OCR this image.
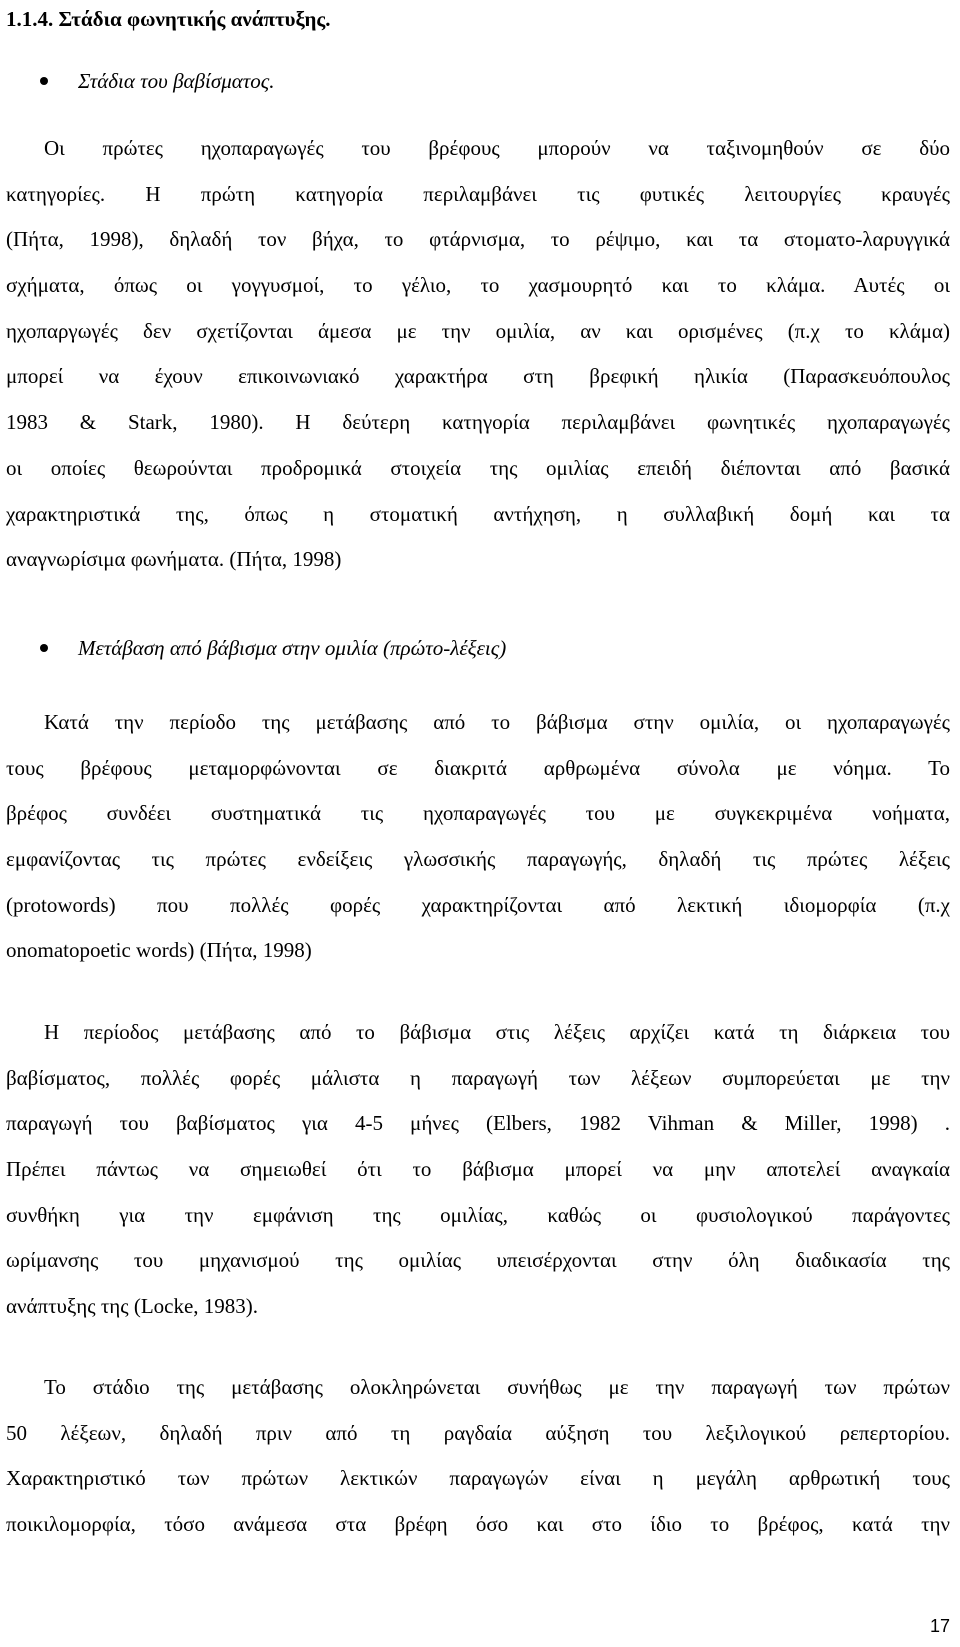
1.1.4. Στάδια φωνητικής ανάπτυξης.
Στάδια του βαβίσματος.
Οι πρώτες ηχοπαραγωγές του βρέφους μπορούν να ταξινομηθούν σε δύο
κατηγορίες. Η πρώτη κατηγορία περιλαμβάνει τις φυτικές λειτουργίες κραυγές
(Πήτα, 1998), δηλαδή τον βήχα, το φτάρνισμα, το ρέψιμο, και τα στοματο-λαρυγγικά
σχήματα, όπως οι γογγυσμοί, το γέλιο, το χασμουρητό και το κλάμα. Αυτές οι
ηχοπαργωγές δεν σχετίζονται άμεσα με την ομιλία, αν και ορισμένες (π.χ το κλάμα)
μπορεί να έχουν επικοινωνιακό χαρακτήρα στη βρεφική ηλικία (Παρασκευόπουλος
1983 & Stark, 1980). Η δεύτερη κατηγορία περιλαμβάνει φωνητικές ηχοπαραγωγές
οι οποίες θεωρούνται προδρομικά στοιχεία της ομιλίας επειδή διέπονται από βασικά
χαρακτηριστικά της, όπως η στοματική αντήχηση, η συλλαβική δομή και τα
αναγνωρίσιμα φωνήματα. (Πήτα, 1998)
Μετάβαση από βάβισμα στην ομιλία (πρώτο-λέξεις)
Κατά την περίοδο της μετάβασης από το βάβισμα στην ομιλία, οι ηχοπαραγωγές
τους βρέφους μεταμορφώνονται σε διακριτά αρθρωμένα σύνολα με νόημα. Το
βρέφος συνδέει συστηματικά τις ηχοπαραγωγές του με συγκεκριμένα νοήματα,
εμφανίζοντας τις πρώτες ενδείξεις γλωσσικής παραγωγής, δηλαδή τις πρώτες λέξεις
(protowords) που πολλές φορές χαρακτηρίζονται από λεκτική ιδιομορφία (π.χ
onomatopoetic words) (Πήτα, 1998)
Η περίοδος μετάβασης από το βάβισμα στις λέξεις αρχίζει κατά τη διάρκεια του
βαβίσματος, πολλές φορές μάλιστα η παραγωγή των λέξεων συμπορεύεται με την
παραγωγή του βαβίσματος για 4-5 μήνες (Elbers, 1982 Vihman & Miller, 1998) .
Πρέπει πάντως να σημειωθεί ότι το βάβισμα μπορεί να μην αποτελεί αναγκαία
συνθήκη για την εμφάνιση της ομιλίας, καθώς οι φυσιολογικού παράγοντες
ωρίμανσης του μηχανισμού της ομιλίας υπεισέρχονται στην όλη διαδικασία της
ανάπτυξης της (Locke, 1983).
Το στάδιο της μετάβασης ολοκληρώνεται συνήθως με την παραγωγή των πρώτων
50 λέξεων, δηλαδή πριν από τη ραγδαία αύξηση του λεξιλογικού ρεπερτορίου.
Χαρακτηριστικό των πρώτων λεκτικών παραγωγών είναι η μεγάλη αρθρωτική τους
ποικιλομορφία, τόσο ανάμεσα στα βρέφη όσο και στο ίδιο το βρέφος, κατά την
17
